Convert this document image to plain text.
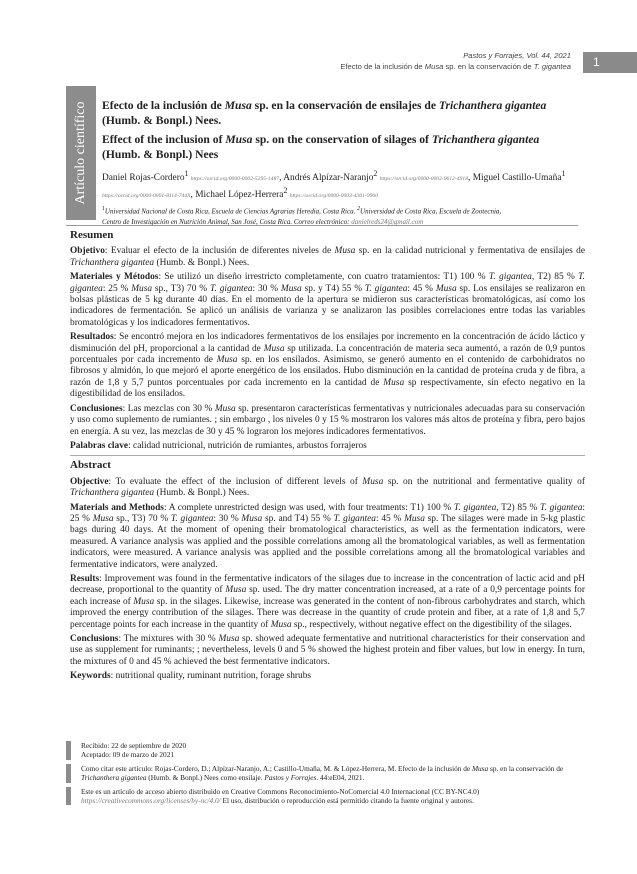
Pastos y Forrajes, Vol. 44, 2021
Efecto de la inclusión de Musa sp. en la conservación de T. gigantea	1
Artículo científico Efecto de la inclusión de Musa sp. en la conservación de ensilajes de Trichanthera gigantea
(Humb. & Bonpl.) Nees.
Effect of the inclusion of Musa sp. on the conservation of silages of Trichanthera gigantea
(Humb. & Bonpl.) Nees
Daniel Rojas-Cordero$^1$ https://orcid.org/0000-0002-5295-1487, Andrés Alpízar-Naranjo$^2$ https://orcid.org/0000-0002-9612-4918, Miguel Castillo-Umaña$^1$ https://orcid.org/0000-0001-8114-744X, Michael López-Herrera$^2$ https://orcid.org/0000-0003-4301-9900
$^1$Universidad Nacional de Costa Rica, Escuela de Ciencias Agrarias Heredia, Costa Rica. $^2$Universidad de Costa Rica, Escuela de Zootecnia,
Centro de Investigación en Nutrición Animal, San José, Costa Rica. Correo electrónico: danielreds24@gmail.com
Resumen

Objetivo: Evaluar el efecto de la inclusión de diferentes niveles de Musa sp. en la calidad nutricional y fermentativa de ensilajes de Trichanthera gigantea (Humb. & Bonpl.) Nees.

Materiales y Métodos: Se utilizó un diseño irrestricto completamente, con cuatro tratamientos: T1) 100 % T. gigantea, T2) 85 % T. gigantea: 25 % Musa sp., T3) 70 % T. gigantea: 30 % Musa sp. y T4) 55 % T. gigantea: 45 % Musa sp. Los ensilajes se realizaron en bolsas plásticas de 5 kg durante 40 días. En el momento de la apertura se midieron sus características bromatológicas, así como los indicadores de fermentación. Se aplicó un análisis de varianza y se analizaron las posibles correlaciones entre todas las variables bromatológicas y los indicadores fermentativos.

Resultados: Se encontró mejora en los indicadores fermentativos de los ensilajes por incremento en la concentración de ácido láctico y disminución del pH, proporcional a la cantidad de Musa sp utilizada. La concentración de materia seca aumentó, a razón de 0,9 puntos porcentuales por cada incremento de Musa sp. en los ensilados. Asimismo, se generó aumento en el contenido de carbohidratos no fibrosos y almidón, lo que mejoró el aporte energético de los ensilados. Hubo disminución en la cantidad de proteína cruda y de fibra, a razón de 1,8 y 5,7 puntos porcentuales por cada incremento en la cantidad de Musa sp respectivamente, sin efecto negativo en la digestibilidad de los ensilados.

Conclusiones: Las mezclas con 30 % Musa sp. presentaron características fermentativas y nutricionales adecuadas para su conservación y uso como suplemento de rumiantes. ; sin embargo , los niveles 0 y 15 % mostraron los valores más altos de proteína y fibra, pero bajos en energía. A su vez, las mezclas de 30 y 45 % lograron los mejores indicadores fermentativos.

Palabras clave: calidad nutricional, nutrición de rumiantes, arbustos forrajeros

Abstract

Objective: To evaluate the effect of the inclusion of different levels of Musa sp. on the nutritional and fermentative quality of Trichanthera gigantea (Humb. & Bonpl.) Nees.

Materials and Methods: A complete unrestricted design was used, with four treatments: T1) 100 % T. gigantea, T2) 85 % T. gigantea: 25 % Musa sp., T3) 70 % T. gigantea: 30 % Musa sp. and T4) 55 % T. gigantea: 45 % Musa sp. The silages were made in 5-kg plastic bags during 40 days. At the moment of opening their bromatological characteristics, as well as the fermentation indicators, were measured. A variance analysis was applied and the possible correlations among all the bromatological variables, as well as fermentation indicators, were measured. A variance analysis was applied and the possible correlations among all the bromatological variables and fermentative indicators, were analyzed.

Results: Improvement was found in the fermentative indicators of the silages due to increase in the concentration of lactic acid and pH decrease, proportional to the quantity of Musa sp. used. The dry matter concentration increased, at a rate of a 0,9 percentage points for each increase of Musa sp. in the silages. Likewise, increase was generated in the content of non-fibrous carbohydrates and starch, which improved the energy contribution of the silages. There was decrease in the quantity of crude protein and fiber, at a rate of 1,8 and 5,7 percentage points for each increase in the quantity of Musa sp., respectively, without negative effect on the digestibility of the silages.

Conclusions: The mixtures with 30 % Musa sp. showed adequate fermentative and nutritional characteristics for their conservation and use as supplement for ruminants; ; nevertheless, levels 0 and 5 % showed the highest protein and fiber values, but low in energy. In turn, the mixtures of 0 and 45 % achieved the best fermentative indicators.

Keywords: nutritional quality, ruminant nutrition, forage shrubs

Recibido: 22 de septiembre de 2020
Aceptado: 09 de marzo de 2021
Como citar este artículo: Rojas-Cordero, D.; Alpízar-Naranjo, A.; Castillo-Umaña, M. & López-Herrera, M. Efecto de la inclusión de Musa sp. en la conservación de Trichanthera gigantea (Humb. & Bonpl.) Nees como ensilaje. Pastos y Forrajes. 44:eE04, 2021.
Este es un artículo de acceso abierto distribuido en Creative Commons Reconocimiento-NoComercial 4.0 Internacional (CC BY-NC4.0) https://creativecommons.org/licenses/by-nc/4.0/ El uso, distribución o reproducción está permitido citando la fuente original y autores.
